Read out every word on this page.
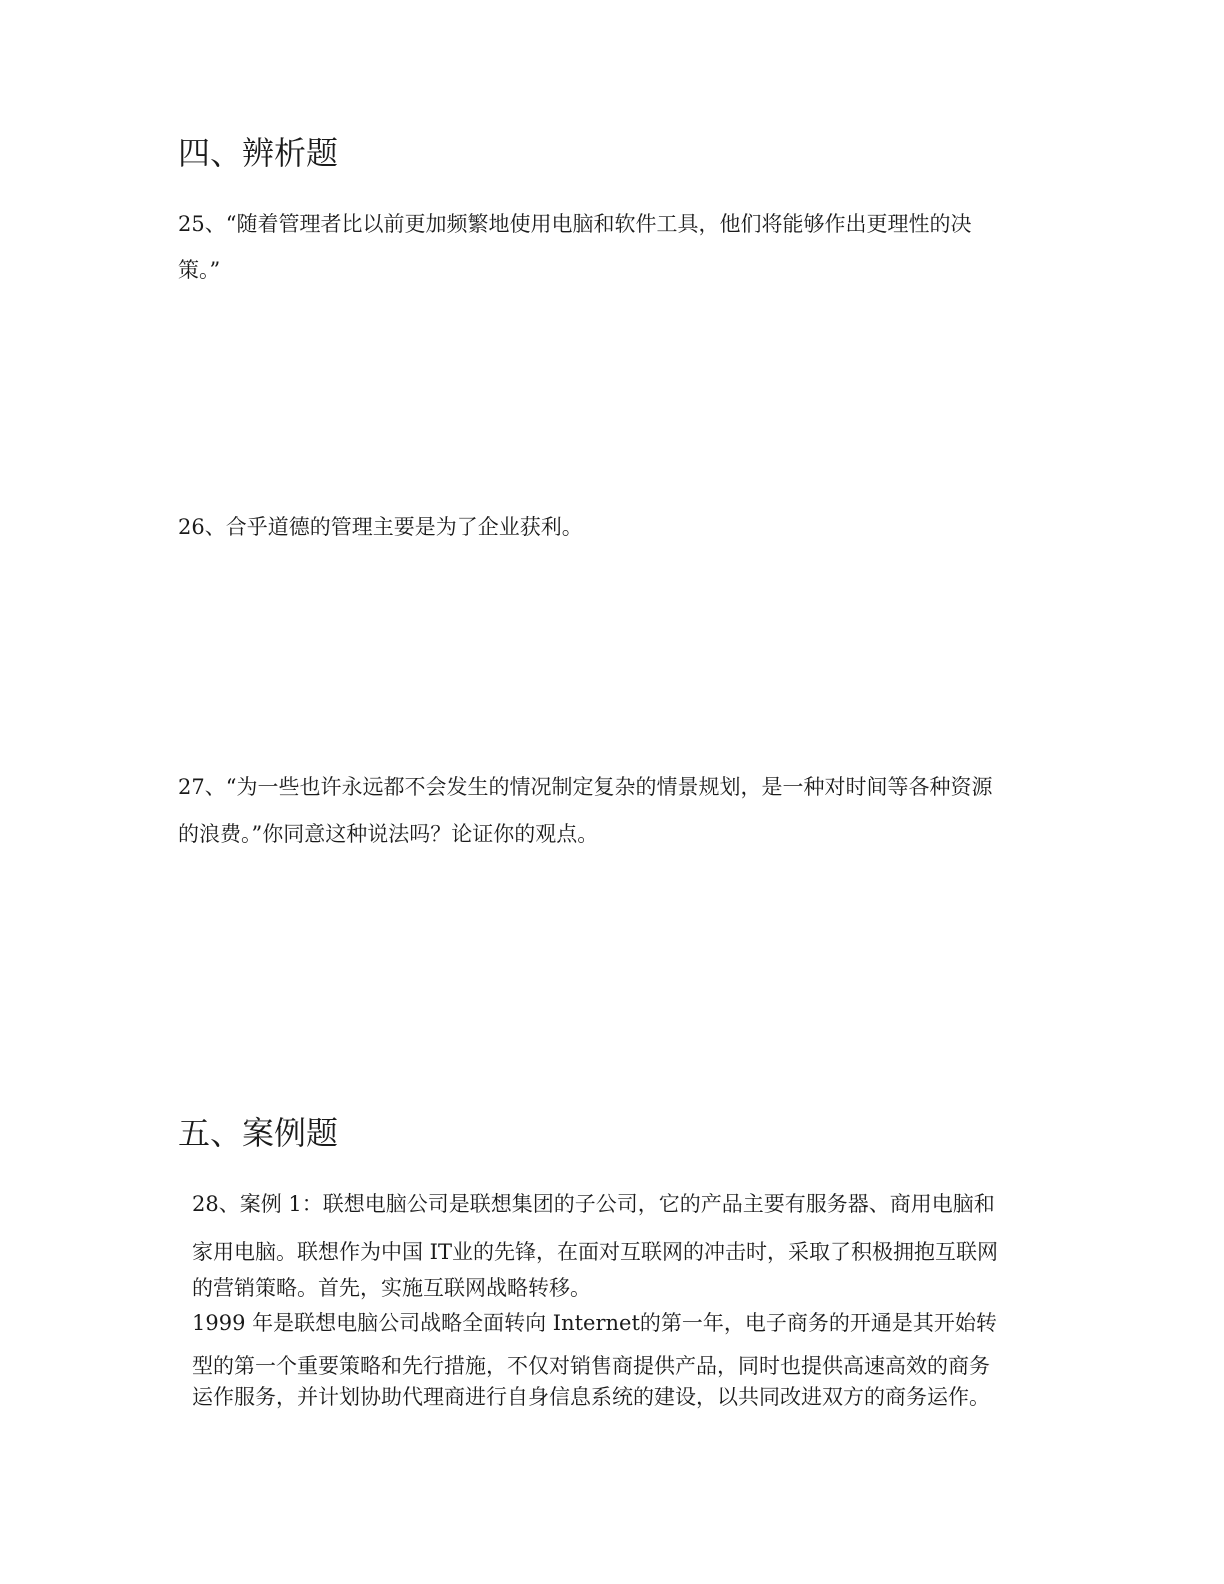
四、辨析题
25、“随着管理者比以前更加频繁地使用电脑和软件工具，他们将能够作出更理性的决
策。”
26、合乎道德的管理主要是为了企业获利。
27、“为一些也许永远都不会发生的情况制定复杂的情景规划，是一种对时间等各种资源
的浪费。”你同意这种说法吗？论证你的观点。
五、案例题
28、案例 1：联想电脑公司是联想集团的子公司，它的产品主要有服务器、商用电脑和
家用电脑。联想作为中国 IT业的先锋，在面对互联网的冲击时，采取了积极拥抱互联网
的营销策略。首先，实施互联网战略转移。
1999 年是联想电脑公司战略全面转向 Internet的第一年，电子商务的开通是其开始转
型的第一个重要策略和先行措施，不仅对销售商提供产品，同时也提供高速高效的商务
运作服务，并计划协助代理商进行自身信息系统的建设，以共同改进双方的商务运作。
